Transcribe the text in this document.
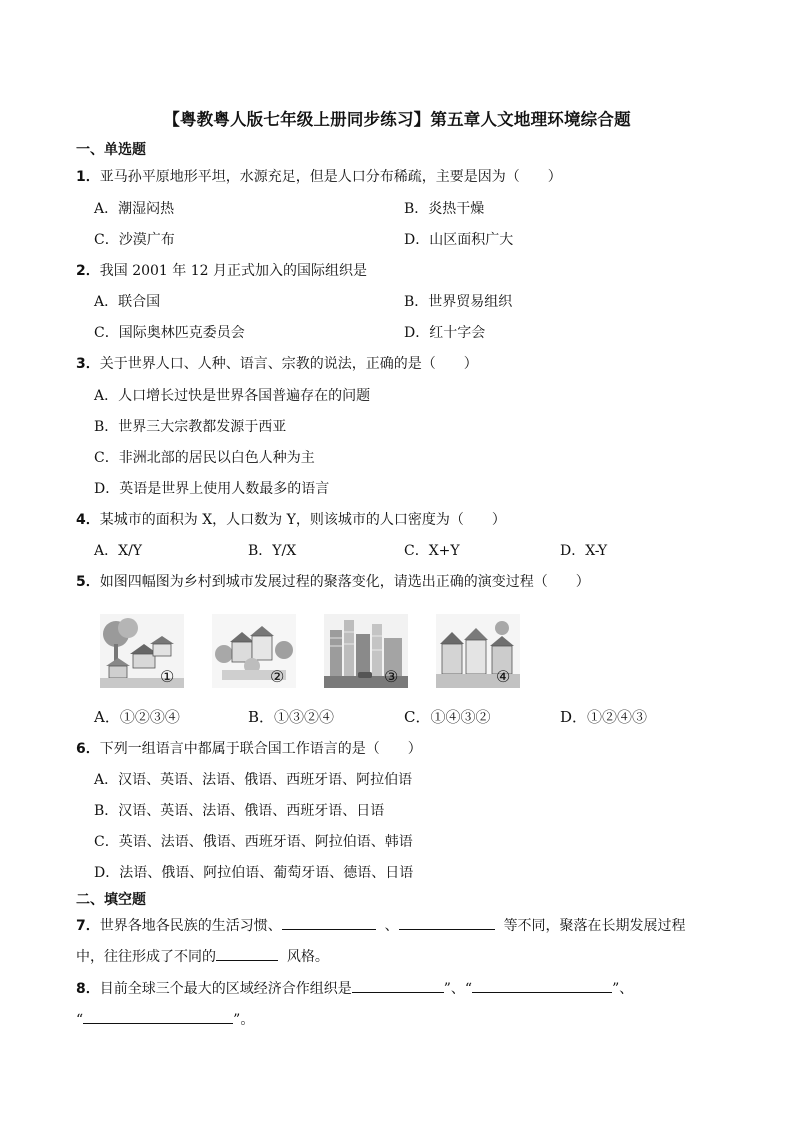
【粤教粤人版七年级上册同步练习】第五章人文地理环境综合题
一、单选题
1．亚马孙平原地形平坦，水源充足，但是人口分布稀疏，主要是因为（　　）
A．潮湿闷热	B．炎热干燥
C．沙漠广布	D．山区面积广大
2．我国 2001 年 12 月正式加入的国际组织是
A．联合国	B．世界贸易组织
C．国际奥林匹克委员会	D．红十字会
3．关于世界人口、人种、语言、宗教的说法，正确的是（　　）
A．人口增长过快是世界各国普遍存在的问题
B．世界三大宗教都发源于西亚
C．非洲北部的居民以白色人种为主
D．英语是世界上使用人数最多的语言
4．某城市的面积为 X，人口数为 Y，则该城市的人口密度为（　　）
A．X/Y	B．Y/X	C．X+Y	D．X-Y
5．如图四幅图为乡村到城市发展过程的聚落变化，请选出正确的演变过程（　　）
①	②	③	④
A．①②③④	B．①③②④	C．①④③②	D．①②④③
6．下列一组语言中都属于联合国工作语言的是（　　）
A．汉语、英语、法语、俄语、西班牙语、阿拉伯语
B．汉语、英语、法语、俄语、西班牙语、日语
C．英语、法语、俄语、西班牙语、阿拉伯语、韩语
D．法语、俄语、阿拉伯语、葡萄牙语、德语、日语
二、填空题
7．世界各地各民族的生活习惯、	、	等不同，聚落在长期发展过程
中，往往形成了不同的	风格。
8．目前全球三个最大的区域经济合作组织是	”、“	”、
“	”。
